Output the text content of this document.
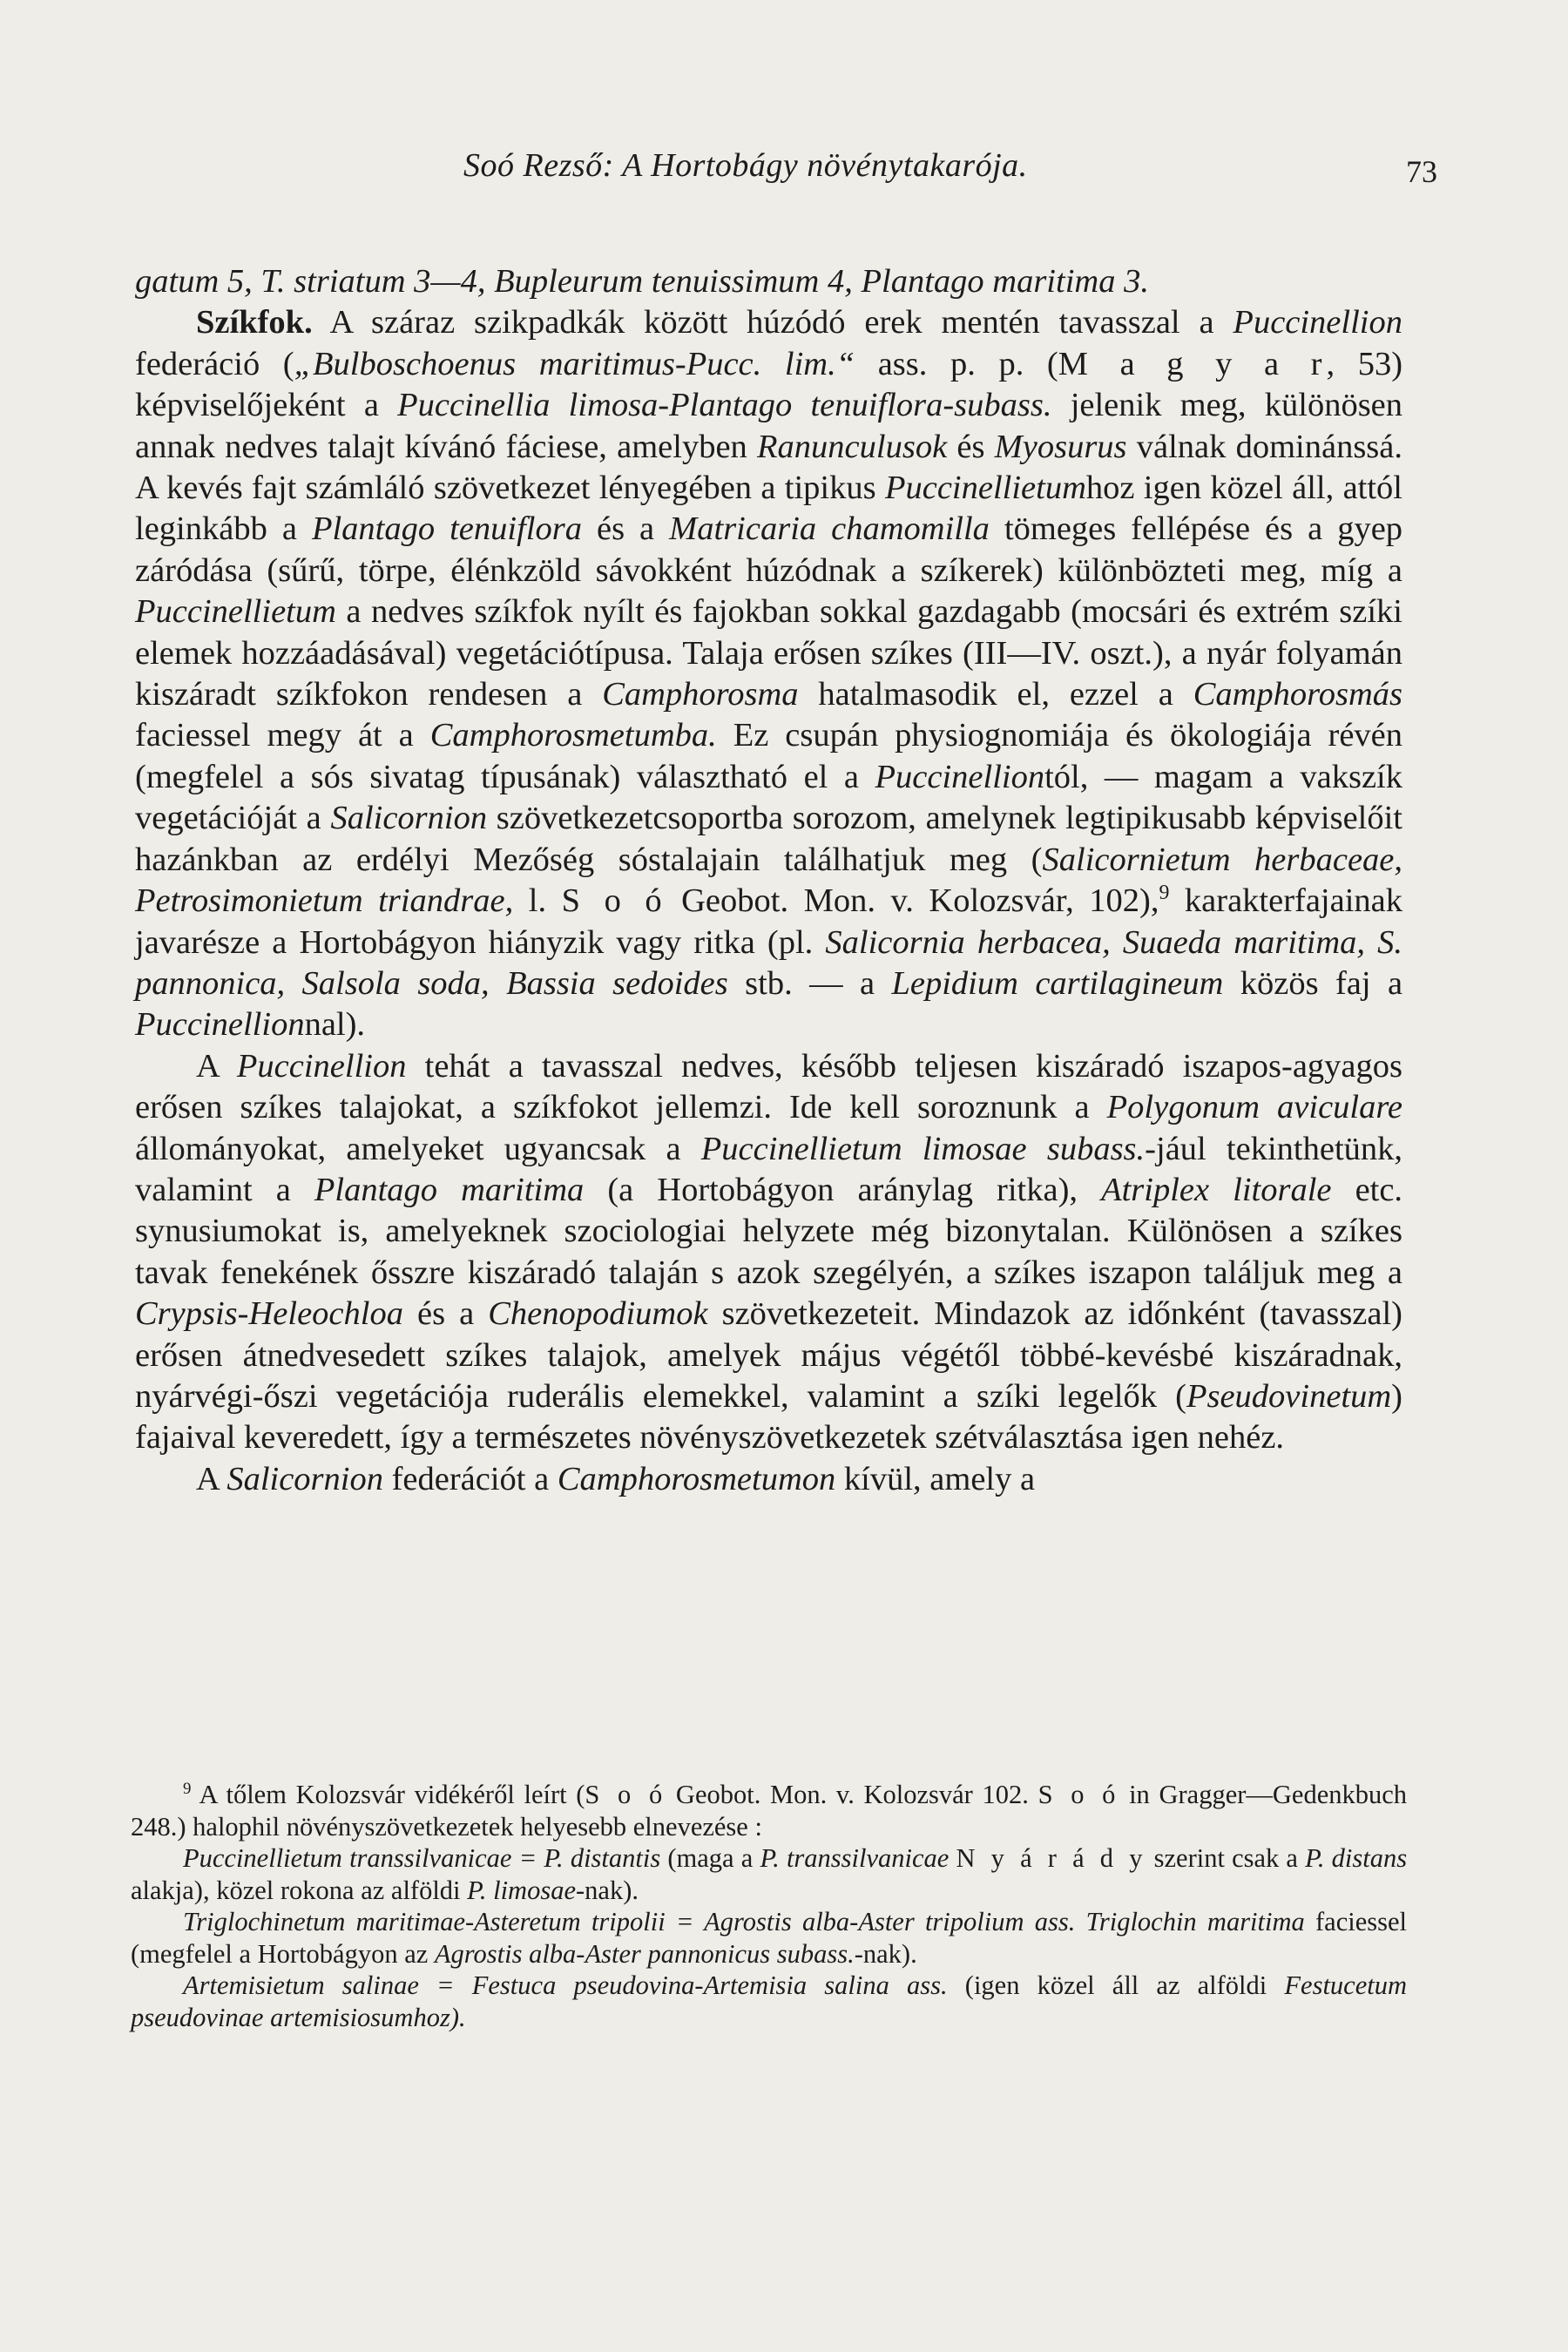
Soó Rezső: A Hortobágy növénytakarója.	73

gatum 5, T. striatum 3—4, Bupleurum tenuissimum 4, Plantago maritima 3.

Szíkfok. A száraz szikpadkák között húzódó erek mentén tavasszal a Puccinellion federáció („Bulboschoenus maritimus-Pucc. lim.“ ass. p. p. (M a g y a r, 53) képviselőjeként a Puccinellia limosa-Plantago tenuiflora-subass. jelenik meg, különösen annak nedves talajt kívánó fáciese, amelyben Ranunculusok és Myosurus válnak dominánssá. A kevés fajt számláló szövetkezet lényegében a tipikus Puccinellietumhoz igen közel áll, attól leginkább a Plantago tenuiflora és a Matricaria chamomilla tömeges fellépése és a gyep záródása (sűrű, törpe, élénkzöld sávokként húzódnak a szíkerek) különbözteti meg, míg a Puccinellietum a nedves szíkfok nyílt és fajokban sokkal gazdagabb (mocsári és extrém szíki elemek hozzáadásával) vegetációtípusa. Talaja erősen szíkes (III—IV. oszt.), a nyár folyamán kiszáradt szíkfokon rendesen a Camphorosma hatalmasodik el, ezzel a Camphorosmás faciessel megy át a Camphorosmetumba. Ez csupán physiognomiája és ökologiája révén (megfelel a sós sivatag típusának) választható el a Puccinelliontól, — magam a vakszík vegetációját a Salicornion szövetkezetcsoportba sorozom, amelynek legtipikusabb képviselőit hazánkban az erdélyi Mezőség sóstalajain találhatjuk meg (Salicornietum herbaceae, Petrosimonietum triandrae, l. S o ó Geobot. Mon. v. Kolozsvár, 102),$^9$ karakterfajainak javarésze a Hortobágyon hiányzik vagy ritka (pl. Salicornia herbacea, Suaeda maritima, S. pannonica, Salsola soda, Bassia sedoides stb. — a Lepidium cartilagineum közös faj a Puccinellionnal).

A Puccinellion tehát a tavasszal nedves, később teljesen kiszáradó iszapos-agyagos erősen szíkes talajokat, a szíkfokot jellemzi. Ide kell soroznunk a Polygonum aviculare állományokat, amelyeket ugyancsak a Puccinellietum limosae subass.-jául tekinthetünk, valamint a Plantago maritima (a Hortobágyon aránylag ritka), Atriplex litorale etc. synusiumokat is, amelyeknek szociologiai helyzete még bizonytalan. Különösen a szíkes tavak fenekének ősszre kiszáradó talaján s azok szegélyén, a szíkes iszapon találjuk meg a Crypsis-Heleochloa és a Chenopodiumok szövetkezeteit. Mindazok az időnként (tavasszal) erősen átnedvesedett szíkes talajok, amelyek május végétől többé-kevésbé kiszáradnak, nyárvégi-őszi vegetációja ruderális elemekkel, valamint a szíki legelők (Pseudovinetum) fajaival keveredett, így a természetes növényszövetkezetek szétválasztása igen nehéz.

A Salicornion federációt a Camphorosmetumon kívül, amely a

$^9$ A tőlem Kolozsvár vidékéről leírt (S o ó Geobot. Mon. v. Kolozsvár 102. S o ó in Gragger—Gedenkbuch 248.) halophil növényszövetkezetek helyesebb elnevezése :

Puccinellietum transsilvanicae = P. distantis (maga a P. transsilvanicae N y á r á d y szerint csak a P. distans alakja), közel rokona az alföldi P. limosae-nak).

Triglochinetum maritimae-Asteretum tripolii = Agrostis alba-Aster tripolium ass. Triglochin maritima faciessel (megfelel a Hortobágyon az Agrostis alba-Aster pannonicus subass.-nak).

Artemisietum salinae = Festuca pseudovina-Artemisia salina ass. (igen közel áll az alföldi Festucetum pseudovinae artemisiosumhoz).
